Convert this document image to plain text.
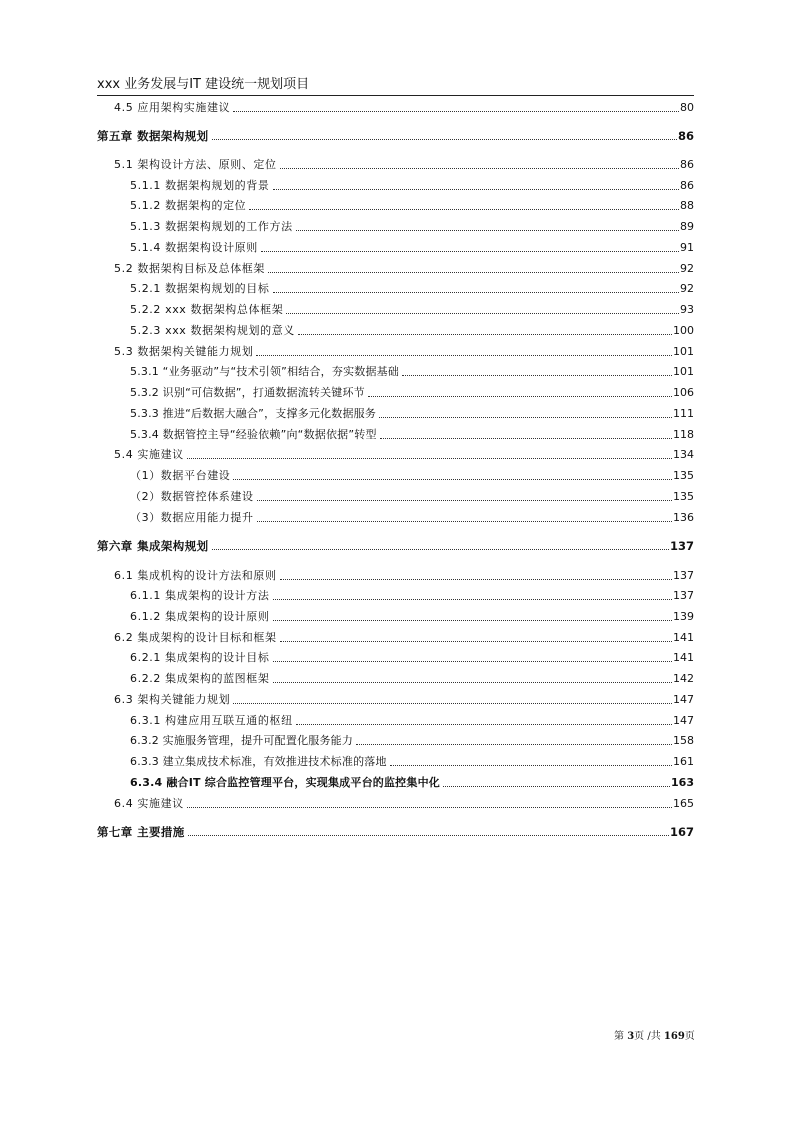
xxx 业务发展与IT 建设统一规划项目
4.5 应用架构实施建议	80
第五章 数据架构规划	86
5.1 架构设计方法、原则、定位	86
5.1.1 数据架构规划的背景	86
5.1.2 数据架构的定位	88
5.1.3 数据架构规划的工作方法	89
5.1.4 数据架构设计原则	91
5.2 数据架构目标及总体框架	92
5.2.1 数据架构规划的目标	92
5.2.2 xxx 数据架构总体框架	93
5.2.3 xxx 数据架构规划的意义	100
5.3 数据架构关键能力规划	101
5.3.1 “业务驱动”与“技术引领”相结合，夯实数据基础	101
5.3.2 识别“可信数据”，打通数据流转关键环节	106
5.3.3 推进“后数据大融合”，支撑多元化数据服务	111
5.3.4 数据管控主导“经验依赖”向“数据依据”转型	118
5.4 实施建议	134
（1）数据平台建设	135
（2）数据管控体系建设	135
（3）数据应用能力提升	136
第六章 集成架构规划	137
6.1 集成机构的设计方法和原则	137
6.1.1 集成架构的设计方法	137
6.1.2 集成架构的设计原则	139
6.2 集成架构的设计目标和框架	141
6.2.1 集成架构的设计目标	141
6.2.2 集成架构的蓝图框架	142
6.3 架构关键能力规划	147
6.3.1 构建应用互联互通的枢纽	147
6.3.2 实施服务管理，提升可配置化服务能力	158
6.3.3 建立集成技术标准，有效推进技术标准的落地	161
6.3.4 融合IT 综合监控管理平台，实现集成平台的监控集中化	163
6.4 实施建议	165
第七章 主要措施	167
第 3页 /共 169页
